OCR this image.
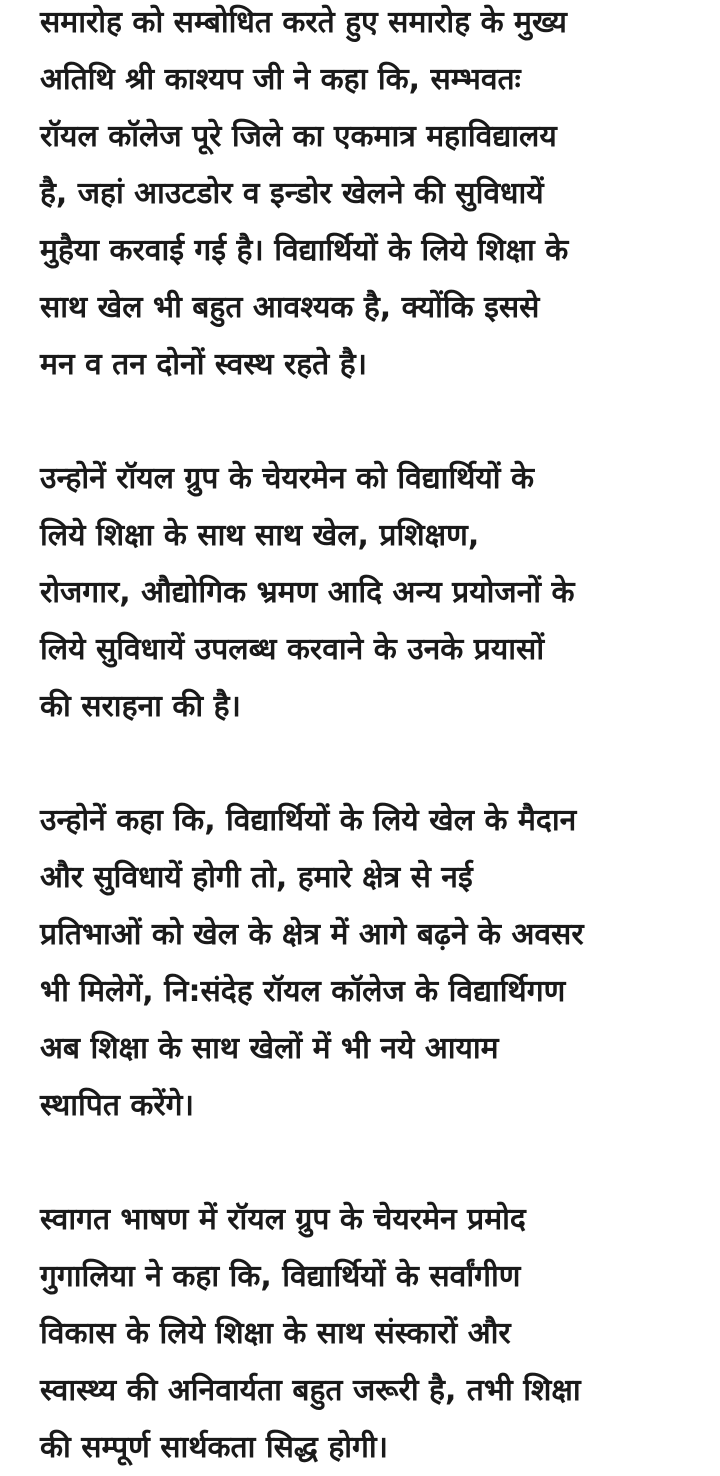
समारोह को सम्बोधित करते हुए समारोह के मुख्य
अतिथि श्री काश्यप जी ने कहा कि, सम्भवतः
रॉयल कॉलेज पूरे जिले का एकमात्र महाविद्यालय
है, जहां आउटडोर व इन्डोर खेलने की सुविधायें
मुहैया करवाई गई है। विद्यार्थियों के लिये शिक्षा के
साथ खेल भी बहुत आवश्यक है, क्योंकि इससे
मन व तन दोनों स्वस्थ रहते है।

उन्होनें रॉयल ग्रुप के चेयरमेन को विद्यार्थियों के
लिये शिक्षा के साथ साथ खेल, प्रशिक्षण,
रोजगार, औद्योगिक भ्रमण आदि अन्य प्रयोजनों के
लिये सुविधायें उपलब्ध करवाने के उनके प्रयासों
की सराहना की है।

उन्होनें कहा कि, विद्यार्थियों के लिये खेल के मैदान
और सुविधायें होगी तो, हमारे क्षेत्र से नई
प्रतिभाओं को खेल के क्षेत्र में आगे बढ़ने के अवसर
भी मिलेगें, नि:संदेह रॉयल कॉलेज के विद्यार्थिगण
अब शिक्षा के साथ खेलों में भी नये आयाम
स्थापित करेंगे।

स्वागत भाषण में रॉयल ग्रुप के चेयरमेन प्रमोद
गुगालिया ने कहा कि, विद्यार्थियों के सर्वांगीण
विकास के लिये शिक्षा के साथ संस्कारों और
स्वास्थ्य की अनिवार्यता बहुत जरूरी है, तभी शिक्षा
की सम्पूर्ण सार्थकता सिद्ध होगी।
